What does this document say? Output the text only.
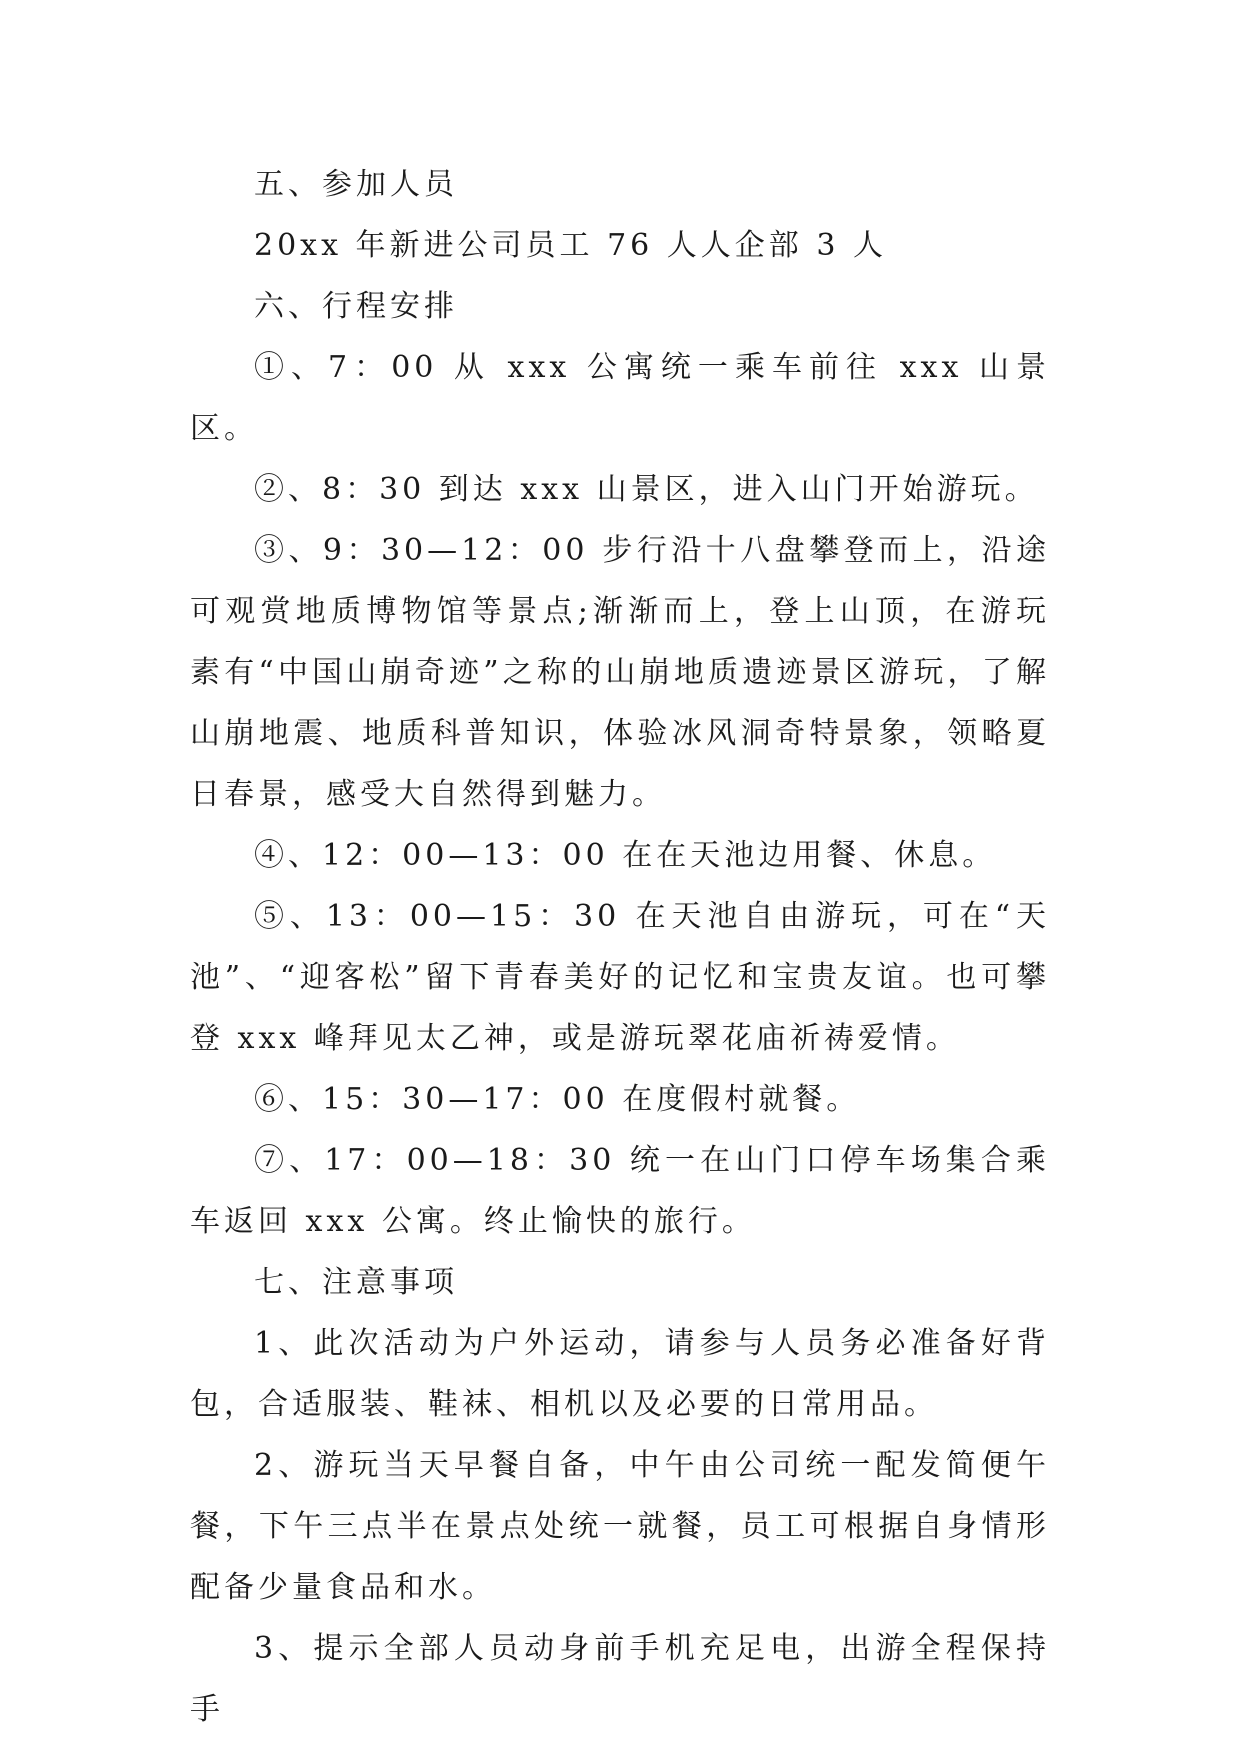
五、参加人员

20xx 年新进公司员工 76 人人企部 3 人

六、行程安排

①、7：00 从 xxx 公寓统一乘车前往 xxx 山景区。

②、8：30 到达 xxx 山景区，进入山门开始游玩。

③、9：30—12：00 步行沿十八盘攀登而上，沿途可观赏地质博物馆等景点;渐渐而上，登上山顶，在游玩素有“中国山崩奇迹”之称的山崩地质遗迹景区游玩，了解山崩地震、地质科普知识，体验冰风洞奇特景象，领略夏日春景，感受大自然得到魅力。

④、12：00—13：00 在在天池边用餐、休息。

⑤、13：00—15：30 在天池自由游玩，可在“天池”、“迎客松”留下青春美好的记忆和宝贵友谊。也可攀登 xxx 峰拜见太乙神，或是游玩翠花庙祈祷爱情。

⑥、15：30—17：00 在度假村就餐。

⑦、17：00—18：30 统一在山门口停车场集合乘车返回 xxx 公寓。终止愉快的旅行。

七、注意事项

1、此次活动为户外运动，请参与人员务必准备好背包，合适服装、鞋袜、相机以及必要的日常用品。

2、游玩当天早餐自备，中午由公司统一配发简便午餐，下午三点半在景点处统一就餐，员工可根据自身情形配备少量食品和水。

3、提示全部人员动身前手机充足电，出游全程保持手
